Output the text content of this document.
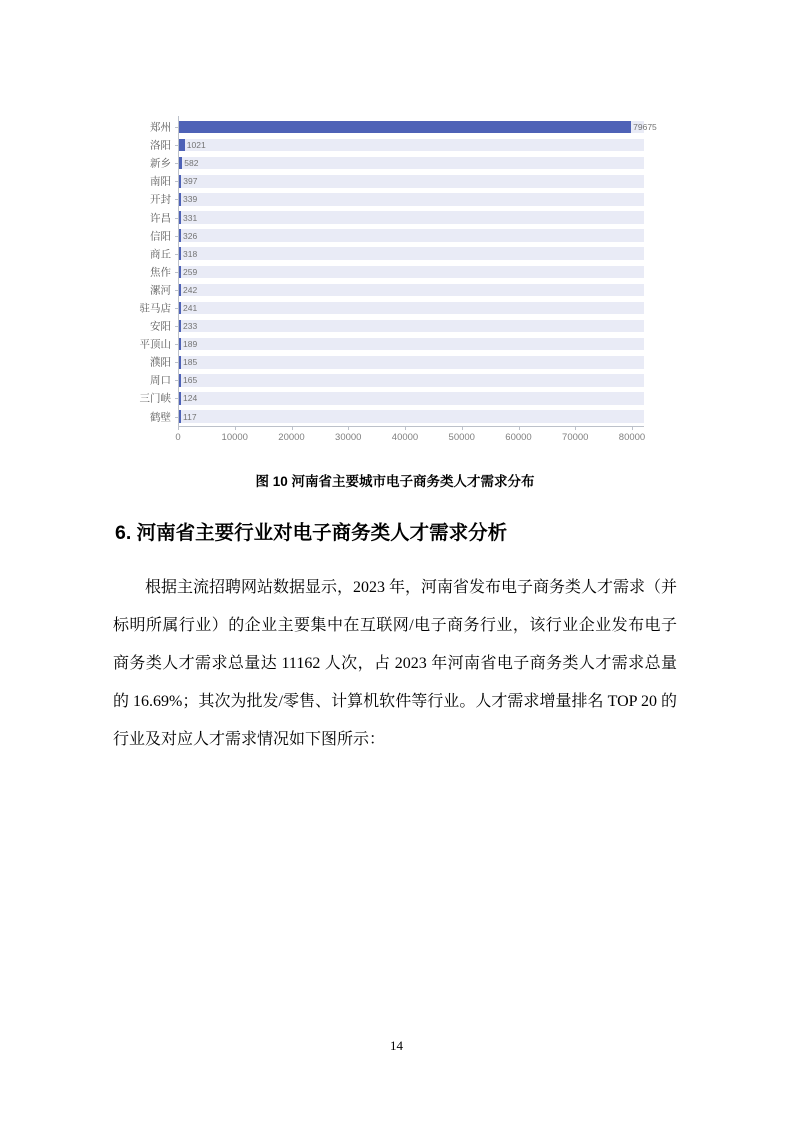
79675
郑州
1021
洛阳
582
新乡
397
南阳
339
开封
331
许昌
326
信阳
318
商丘
259
焦作
242
漯河
241
驻马店
233
安阳
189
平顶山
185
濮阳
165
周口
124
三门峡
117
鹤壁
0	10000	20000	30000	40000	50000	60000	70000	80000
图 10 河南省主要城市电子商务类人才需求分布
6. 河南省主要行业对电子商务类人才需求分析
根据主流招聘网站数据显示，2023 年，河南省发布电子商务类人才需求（并标明所属行业）的企业主要集中在互联网/电子商务行业，该行业企业发布电子商务类人才需求总量达 11162 人次，占 2023 年河南省电子商务类人才需求总量的 16.69%；其次为批发/零售、计算机软件等行业。人才需求增量排名 TOP 20 的行业及对应人才需求情况如下图所示：
14
